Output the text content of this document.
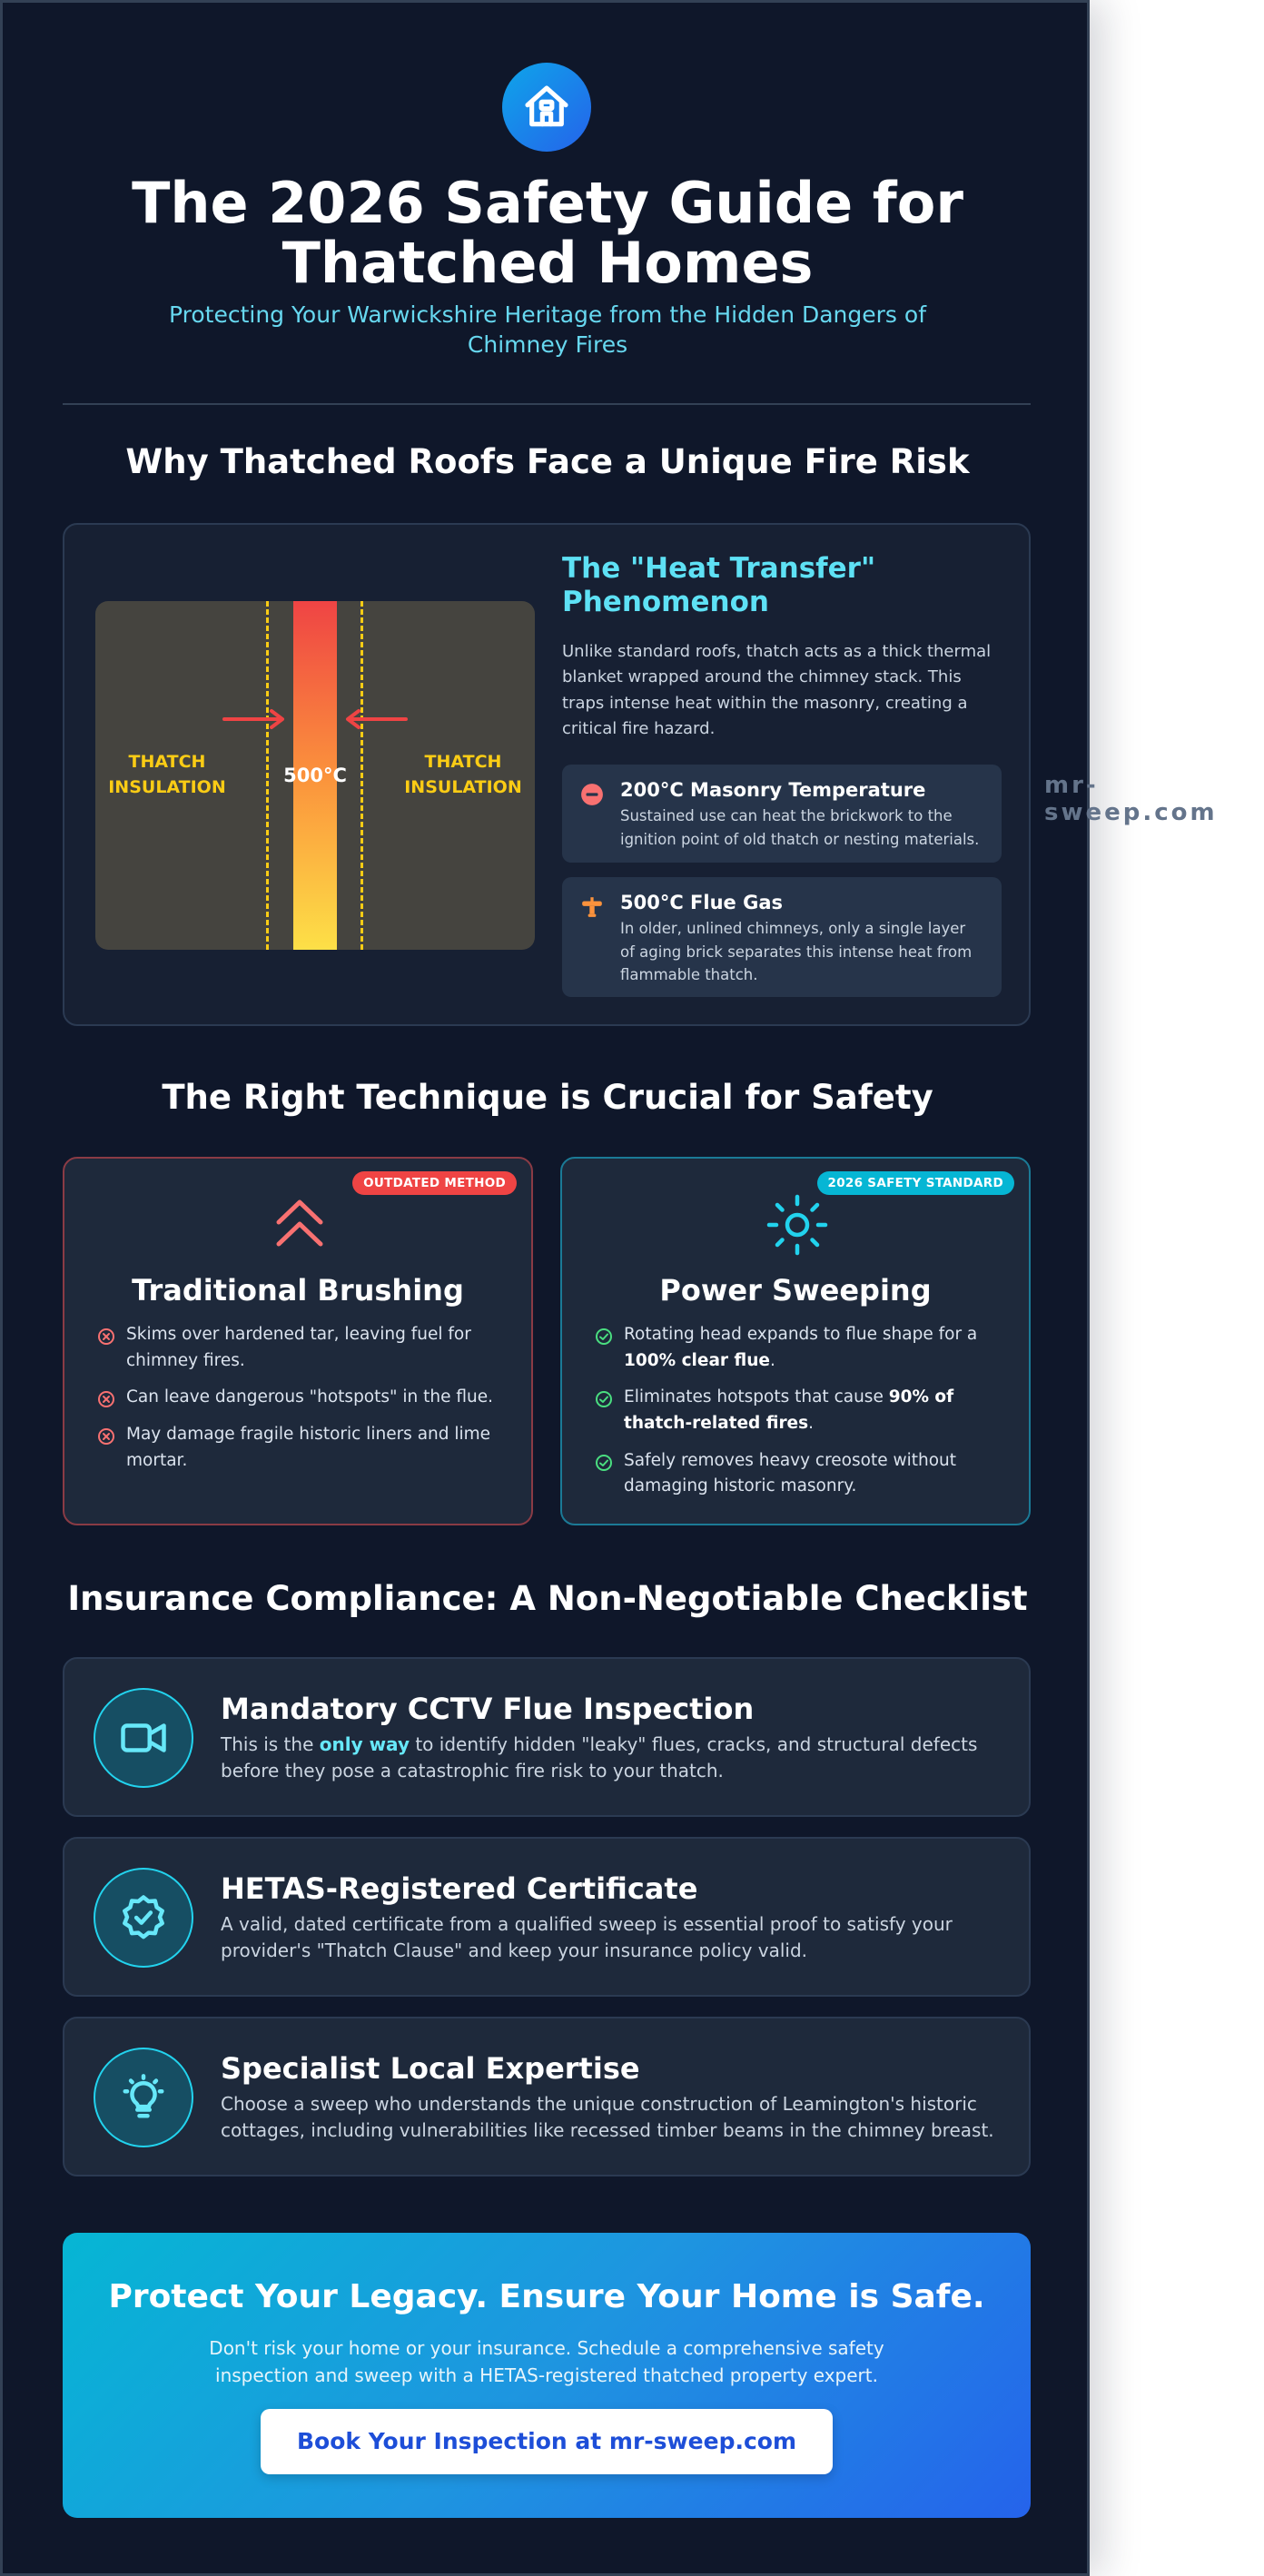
The 2026 Safety Guide for Thatched Homes

Protecting Your Warwickshire Heritage from the Hidden Dangers of Chimney Fires

Why Thatched Roofs Face a Unique Fire Risk
THATCH INSULATION
THATCH INSULATION
500°C
The "Heat Transfer" Phenomenon

Unlike standard roofs, thatch acts as a thick thermal blanket wrapped around the chimney stack. This traps intense heat within the masonry, creating a critical fire hazard.

200°C Masonry Temperature
Sustained use can heat the brickwork to the ignition point of old thatch or nesting materials.
500°C Flue Gas
In older, unlined chimneys, only a single layer of aging brick separates this intense heat from flammable thatch.
The Right Technique is Crucial for Safety
OUTDATED METHOD
Traditional Brushing
Skims over hardened tar, leaving fuel for chimney fires.
Can leave dangerous "hotspots" in the flue.
May damage fragile historic liners and lime mortar.
2026 SAFETY STANDARD
Power Sweeping
Rotating head expands to flue shape for a 100% clear flue.
Eliminates hotspots that cause 90% of thatch-related fires.
Safely removes heavy creosote without damaging historic masonry.
Insurance Compliance: A Non-Negotiable Checklist
Mandatory CCTV Flue Inspection

This is the only way to identify hidden "leaky" flues, cracks, and structural defects before they pose a catastrophic fire risk to your thatch.

HETAS-Registered Certificate

A valid, dated certificate from a qualified sweep is essential proof to satisfy your provider's "Thatch Clause" and keep your insurance policy valid.

Specialist Local Expertise

Choose a sweep who understands the unique construction of Leamington's historic cottages, including vulnerabilities like recessed timber beams in the chimney breast.

Protect Your Legacy. Ensure Your Home is Safe.

Don't risk your home or your insurance. Schedule a comprehensive safety inspection and sweep with a HETAS-registered thatched property expert.

Book Your Inspection at mr-sweep.com
mr-sweep.com
